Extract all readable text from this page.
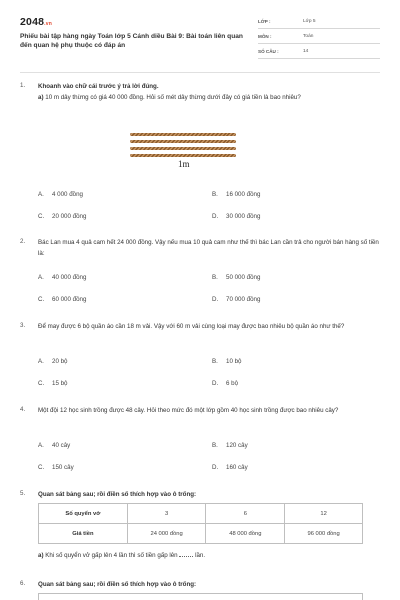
2048.vn
Phiếu bài tập hàng ngày Toán lớp 5 Cánh diều Bài 9: Bài toán liên quan đến quan hệ phụ thuộc có đáp án
LỚP :	Lớp 5
MÔN :	Toán
SỐ CÂU :	14
1. Khoanh vào chữ cái trước ý trả lời đúng.
a) 10 m dây thừng có giá 40 000 đồng. Hỏi số mét dây thừng dưới đây có giá tiền là bao nhiêu?
A. 4 000 đồng	B. 16 000 đồng
C. 20 000 đồng	D. 30 000 đồng
1m
2. Bác Lan mua 4 quả cam hết 24 000 đồng. Vậy nếu mua 10 quả cam như thế thì bác Lan cần trả cho người bán hàng số tiền là:
A. 40 000 đồng	B. 50 000 đồng
C. 60 000 đồng	D. 70 000 đồng
3. Để may được 6 bộ quần áo cần 18 m vải. Vậy với 60 m vải cùng loại may được bao nhiêu bộ quần áo như thế?
A. 20 bộ	B. 10 bộ
C. 15 bộ	D. 6 bộ
4. Một đội 12 học sinh trồng được 48 cây. Hỏi theo mức đó một lớp gồm 40 học sinh trồng được bao nhiêu cây?
A. 40 cây	B. 120 cây
C. 150 cây	D. 160 cây
5. Quan sát bảng sau; rồi điền số thích hợp vào ô trống:
Số quyển vở	3	6	12
Giá tiền	24 000 đồng	48 000 đồng	96 000 đồng
a) Khi số quyển vở gấp lên 4 lần thì số tiền gấp lên  lần.
6. Quan sát bảng sau; rồi điền số thích hợp vào ô trống:
